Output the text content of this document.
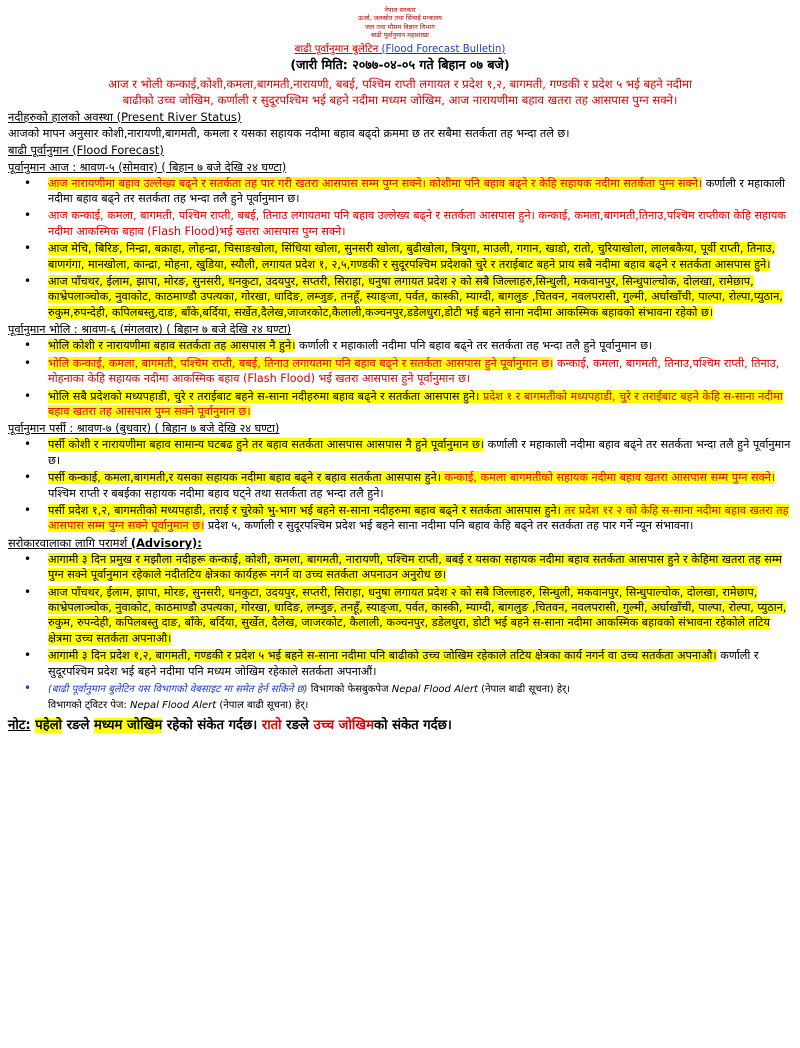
नेपाल सरकार
ऊर्जा, जलस्रोत तथा सिंचाई मन्त्रालय
जल तथा मौसम विज्ञान विभाग
बाढी पूर्वानुमान महाशाखा
बाढी पूर्वानुमान बुलेटिन (Flood Forecast Bulletin)
(जारी मिति: २०७७-०४-०५ गते बिहान ०७ बजे)
आज र भोली कन्काई,कोशी,कमला,बागमती,नारायणी, बबई, पश्चिम राप्ती लगायत र प्रदेश १,२, बागमती, गण्डकी र प्रदेश ५ भई बहने नदीमा
बाढीको उच्च जोखिम, कर्णाली र सुदूरपश्चिम भई बहने नदीमा मध्यम जोखिम, आज नारायणीमा बहाव खतरा तह आसपास पुग्न सक्ने।
नदीहरुको हालको अवस्था (Present River Status)
आजको मापन अनुसार कोशी,नारायणी,बागमती, कमला र यसका सहायक नदीमा बहाव बढ्दो क्रममा छ तर सबैमा सतर्कता तह भन्दा तले छ।
बाढी पूर्वानुमान (Flood Forecast)
पूर्वानुमान आज : श्रावण-५ (सोमवार) ( बिहान ७ बजे देखि २४ घण्टा)
• आज नारायणीमा बहाव उल्लेख्य बढ्ने र सतर्कता तह पार गरी खतरा आसपास सम्म पुग्न सक्ने। कोशीमा पनि बहाव बढ्ने र केहि सहायक नदीमा सतर्कता पुग्न सक्ने। कर्णाली र महाकाली नदीमा बहाव बढ्ने तर सतर्कता तह भन्दा तलै हुने पूर्वानुमान छ।
• आज कन्काई, कमला, बागमती, पश्चिम राप्ती, बबई, तिनाउ लगायतमा पनि बहाव उल्लेख्य बढ्ने र सतर्कता आसपास हुने। कन्काई, कमला,बागमती,तिनाउ,पश्चिम राप्तीका केहि सहायक नदीमा आकस्मिक बहाव (Flash Flood)भई खतरा आसपास पुग्न सक्ने।
• आज मेचि, बिरिङ, निन्द्रा, बक्राहा, लोहन्द्रा, चिसाङखोला, सिंधिया खोला, सुनसरी खोला, बुढीखोला, त्रियुगा, माउली, गगान, खाडो, रातो, चुरियाखोला, लालबकैया, पूर्वी राप्ती, तिनाउ, बाणगंगा, मानखोला, कान्द्रा, मोहना, खुडिया, स्यौली, लगायत प्रदेश १, २,५,गण्डकी र सुदूरपश्चिम प्रदेशको चुरे र तराईबाट बहने प्राय सबै नदीमा बहाव बढ्ने र सतर्कता आसपास हुने।
• आज पाँचथर, ईलाम, झापा, मोरङ, सुनसरी, धनकुटा, उदयपुर, सप्तरी, सिराहा, धनुषा लगायत प्रदेश २ को सबै जिल्लाहरु,सिन्धुली, मकवानपुर, सिन्धुपाल्चोक, दोलखा, रामेछाप, काभ्रेपलाञ्चोक, नुवाकोट, काठमाण्डौ उपत्यका, गोरखा, धादिङ, लम्जुङ, तनहूँ, स्याङ्जा, पर्वत, कास्की, म्याग्दी, बागलुङ ,चितवन, नवलपरासी, गुल्मी, अर्घाखाँची, पाल्पा, रोल्पा,प्युठान, रुकुम,रुपन्देही, कपिलबस्तु,दाङ, बाँके,बर्दिया, सर्खेत,दैलेख,जाजरकोट,कैलाली,कञ्चनपुर,डडेलधुरा,डोटी भई बहने साना नदीमा आकस्मिक बहावको संभावना रहेको छ।
पूर्वानुमान भोलि : श्रावण-६ (मंगलवार) ( बिहान ७ बजे देखि २४ घण्टा)
• भोलि कोशी र नारायणीमा बहाव सतर्कता तह आसपास नै हुने। कर्णाली र महाकाली नदीमा पनि बहाव बढ्ने तर सतर्कता तह भन्दा तलै हुने पूर्वानुमान छ।
• भोलि कन्काई, कमला, बागमती, पश्चिम राप्ती, बबई, तिनाउ लगायतमा पनि बहाव बढ्ने र सतर्कता आसपास हुने पूर्वानुमान छ। कन्काई, कमला, बागमती, तिनाउ,पश्चिम राप्ती, तिनाउ, मोहनाका केहि सहायक नदीमा आकस्मिक बहाव (Flash Flood) भई खतरा आसपास हुने पूर्वानुमान छ।
• भोलि सबै प्रदेशको मध्यपहाडी, चुरे र तराईबाट बहने स-साना नदीहरुमा बहाव बढ्ने र सतर्कता आसपास हुने। प्रदेश १ र बागमतीको मध्यपहाडी, चुरे र तराईबाट बहने केहि स-साना नदीमा बहाव खतरा तह आसपास पुग्न सक्ने पूर्वानुमान छ।
पूर्वानुमान पर्सी : श्रावण-७ (बुधवार) ( बिहान ७ बजे देखि २४ घण्टा)
• पर्सी कोशी र नारायणीमा बहाव सामान्य घटबढ हुने तर बहाव सतर्कता आसपास आसपास नै हुने पूर्वानुमान छ। कर्णाली र महाकाली नदीमा बहाव बढ्ने तर सतर्कता भन्दा तलै हुने पूर्वानुमान छ।
• पर्सी कन्काई, कमला,बागमती,र यसका सहायक नदीमा बहाव बढ्ने र बहाव सतर्कता आसपास हुने। कन्काई, कमला बागमतीको सहायक नदीमा बहाव खतरा आसपास सम्म पुग्न सक्ने। पश्चिम राप्ती र बबईका सहायक नदीमा बहाव घट्ने तथा सतर्कता तह भन्दा तलै हुने।
• पर्सी प्रदेश १,२, बागमतीको मध्यपहाडी, तराई र चुरेको भु-भाग भई बहने स-साना नदीहरुमा बहाव बढ्ने र सतर्कता आसपास हुने। तर प्रदेश १र २ को केहि स-साना नदीमा बहाव खतरा तह आसपास सम्म पुग्न सक्ने पूर्वानुमान छ। प्रदेश ५, कर्णाली र सुदूरपश्चिम प्रदेश भई बहने साना नदीमा पनि बहाव केहि बढ्ने तर सतर्कता तह पार गर्ने न्यून संभावना।
सरोकारवालाका लागि परामर्श (Advisory):
• आगामी ३ दिन प्रमुख र मझौला नदीहरू कन्काई, कोशी, कमला, बागमती, नारायणी, पश्चिम राप्ती, बबई र यसका सहायक नदीमा बहाव सतर्कता आसपास हुने र केहिमा खतरा तह सम्म पुग्न सक्ने पूर्वानुमान रहेकाले नदीतटिय क्षेत्रका कार्यहरू नगर्न वा उच्च सतर्कता अपनाउन अनुरोध छ।
• आज पाँचथर, ईलाम, झापा, मोरङ, सुनसरी, धनकुटा, उदयपुर, सप्तरी, सिराहा, धनुषा लगायत प्रदेश २ को सबै जिल्लाहरु, सिन्धुली, मकवानपुर, सिन्धुपाल्चोक, दोलखा, रामेछाप, काभ्रेपलाञ्चोक, नुवाकोट, काठमाण्डौ उपत्यका, गोरखा, धादिङ, लम्जुङ, तनहूँ, स्याङ्जा, पर्वत, कास्की, म्याग्दी, बागलुङ ,चितवन, नवलपरासी, गुल्मी, अर्घाखाँची, पाल्पा, रोल्पा, प्युठान, रुकुम, रुपन्देही, कपिलबस्तु दाङ, बाँके, बर्दिया, सुर्खेत, दैलेख, जाजरकोट, कैलाली, कञ्चनपुर, डडेलधुरा, डोटी भई बहने स-साना नदीमा आकस्मिक बहावको संभावना रहेकोले तटिय क्षेत्रमा उच्च सतर्कता अपनाऔ।
• आगामी ३ दिन प्रदेश १,२, बागमती, गण्डकी र प्रदेश ५ भई बहने स-साना नदीमा पनि बाढीको उच्च जोखिम रहेकाले तटिय क्षेत्रका कार्य नगर्न वा उच्च सतर्कता अपनाऔ। कर्णाली र सुदूरपश्चिम प्रदेश भई बहने नदीमा पनि मध्यम जोखिम रहेकाले सतर्कता अपनाऔं।
• (बाढी पूर्वानुमान बुलेटिन यस विभागको वेबसाइट मा समेत हेर्न सकिने छ) विभागको फेसबुकपेज Nepal Flood Alert (नेपाल बाढी सूचना) हेर्।
विभागको ट्विटर पेज: Nepal Flood Alert (नेपाल बाढी सूचना) हेर्।
नोट: पहेलो रङले मध्यम जोखिम रहेको संकेत गर्दछ। रातो रङले उच्च जोखिमको संकेत गर्दछ।
